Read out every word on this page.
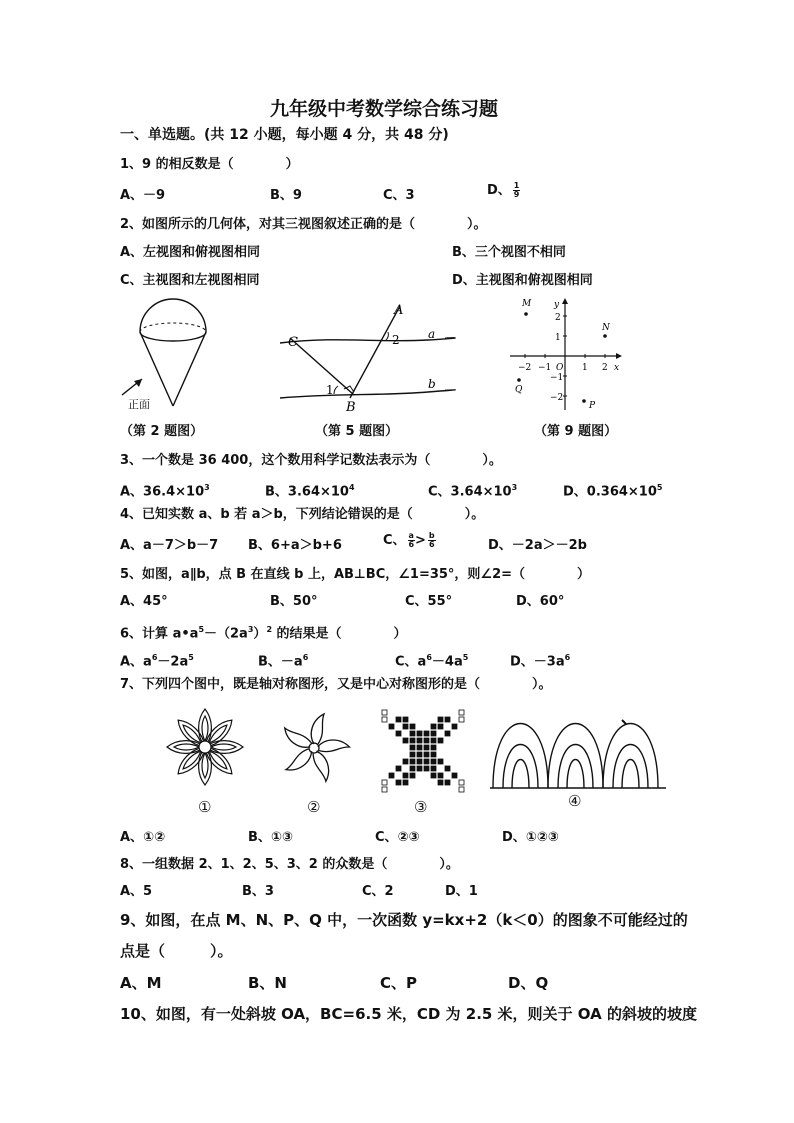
九年级中考数学综合练习题
一、单选题。(共 12 小题，每小题 4 分，共 48 分)
1、9 的相反数是（　　　　）
A、－9	B、9	C、3	D、 $\frac{1}{9}$
2、如图所示的几何体，对其三视图叙述正确的是（　　　　）。
A、左视图和俯视图相同	B、三个视图不相同
C、主视图和左视图相同	D、主视图和俯视图相同
正面
（第 2 题图）
A
C	2 a
1	b
B
（第 5 题图）
−2 −1 O 1 2 x
y
2
1
−1
−2
M
N
Q
P
（第 9 题图）
3、一个数是 36 400，这个数用科学记数法表示为（　　　　）。
A、$36.4\times 10^3$	B、$3.64\times 10^4$	C、$3.64\times 10^3$	D、$0.364\times 10^5$
4、已知实数 a、b 若 a＞b，下列结论错误的是（　　　　）。
A、a－7＞b－7 B、6+a＞b+6	C、 $\frac{a}{6} > \frac{b}{6}$	D、－2a＞－2b
5、如图，a∥b，点 B 在直线 b 上，AB⊥BC，∠1=35°，则∠2=（　　　　）
A、45°	B、50°	C、55°	D、60°
6、计算 $a•a^5-(2a^3)^2$ 的结果是（　　　　）
A、$a^6-2a^5$	B、$-a^6$	C、$a^6-4a^5$	D、$-3a^6$
7、下列四个图中，既是轴对称图形，又是中心对称图形的是（　　　　）。
①	②	③	④
A、①②	B、①③	C、②③	D、①②③
8、一组数据 2、1、2、5、3、2 的众数是（　　　　）。
A、5	B、3	C、2	D、1
9、如图，在点 M、N、P、Q 中，一次函数 y=kx+2（k＜0）的图象不可能经过的
点是（　　　）。
A、M	B、N	C、P	D、Q
10、如图，有一处斜坡 OA，BC=6.5 米，CD 为 2.5 米，则关于 OA 的斜坡的坡度
